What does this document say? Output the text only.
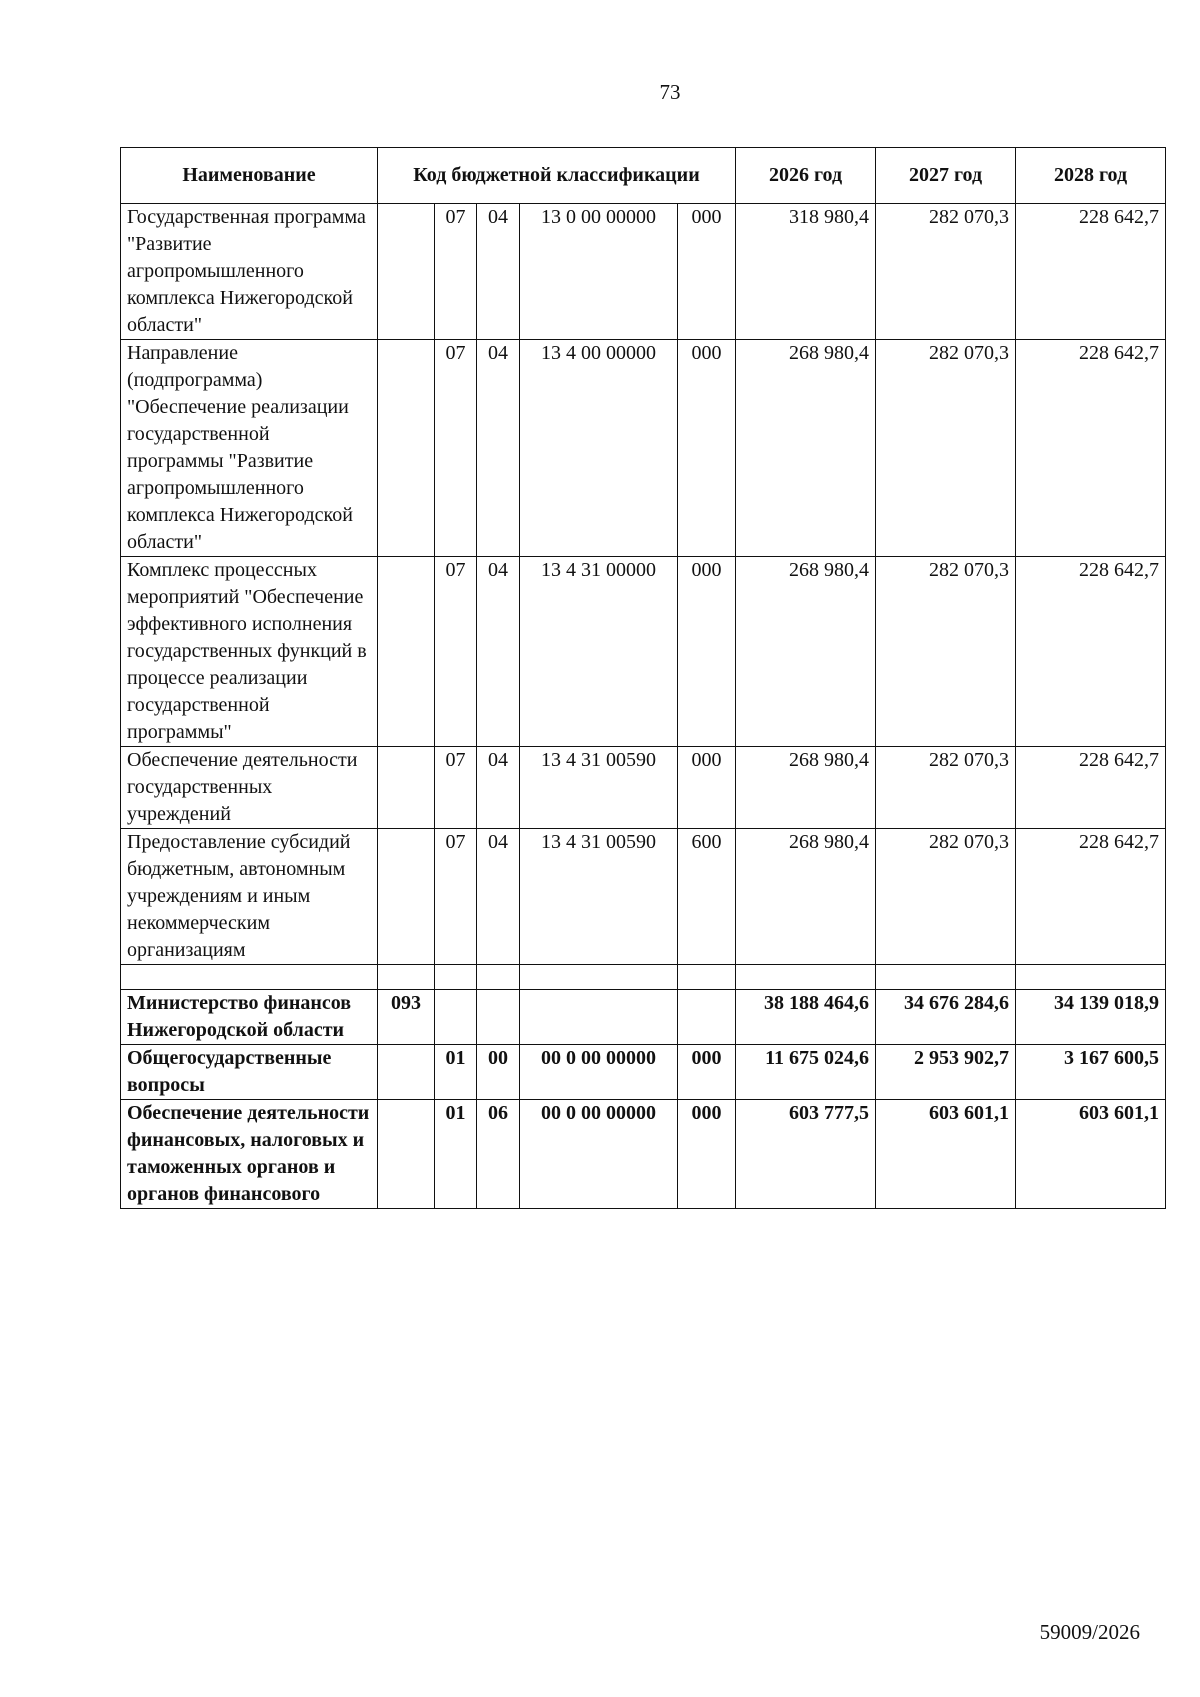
73
Наименование	Код бюджетной классификации					2026 год	2027 год	2028 год
Государственная программа "Развитие агропромышленного комплекса Нижегородской области"		07	04	13 0 00 00000	000	318 980,4	282 070,3	228 642,7
Направление (подпрограмма) "Обеспечение реализации государственной программы "Развитие агропромышленного комплекса Нижегородской области"		07	04	13 4 00 00000	000	268 980,4	282 070,3	228 642,7
Комплекс процессных мероприятий "Обеспечение эффективного исполнения государственных функций в процессе реализации государственной программы"		07	04	13 4 31 00000	000	268 980,4	282 070,3	228 642,7
Обеспечение деятельности государственных учреждений		07	04	13 4 31 00590	000	268 980,4	282 070,3	228 642,7
Предоставление субсидий бюджетным, автономным учреждениям и иным некоммерческим организациям		07	04	13 4 31 00590	600	268 980,4	282 070,3	228 642,7

Министерство финансов Нижегородской области	093					38 188 464,6	34 676 284,6	34 139 018,9
Общегосударственные вопросы		01	00	00 0 00 00000	000	11 675 024,6	2 953 902,7	3 167 600,5
Обеспечение деятельности финансовых, налоговых и таможенных органов и органов финансового		01	06	00 0 00 00000	000	603 777,5	603 601,1	603 601,1
59009/2026
